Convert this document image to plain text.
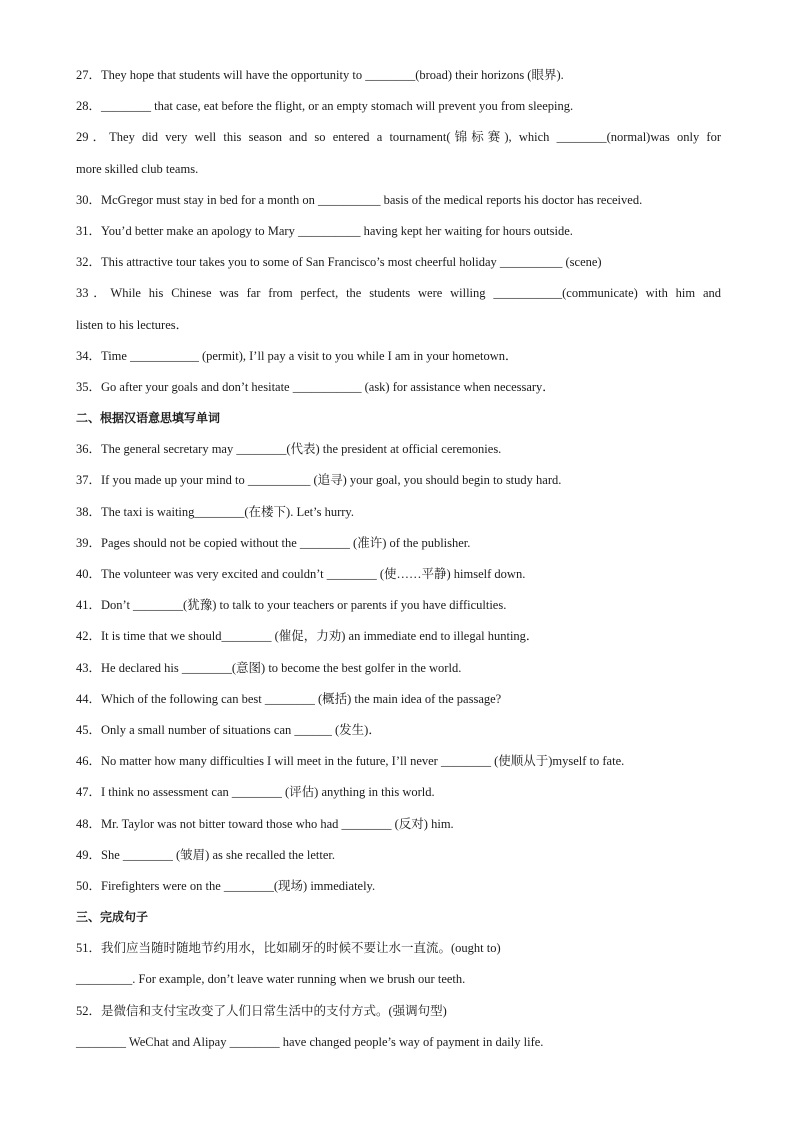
27．They hope that students will have the opportunity to ________(broad) their horizons (眼界).
28．________ that case, eat before the flight, or an empty stomach will prevent you from sleeping.
29．They did very well this season and so entered a tournament(锦标赛), which ________(normal)was only for
more skilled club teams.
30．McGregor must stay in bed for a month on __________ basis of the medical reports his doctor has received.
31．You’d better make an apology to Mary __________ having kept her waiting for hours outside.
32．This attractive tour takes you to some of San Francisco’s most cheerful holiday __________ (scene)
33．While his Chinese was far from perfect, the students were willing ___________(communicate) with him and
listen to his lectures．
34．Time ___________ (permit), I’ll pay a visit to you while I am in your hometown．
35．Go after your goals and don’t hesitate ___________ (ask) for assistance when necessary．
二、根据汉语意思填写单词
36．The general secretary may ________(代表) the president at official ceremonies.
37．If you made up your mind to __________ (追寻) your goal, you should begin to study hard.
38．The taxi is waiting________(在楼下). Let’s hurry.
39．Pages should not be copied without the ________ (准许) of the publisher.
40．The volunteer was very excited and couldn’t ________ (使……平静) himself down.
41．Don’t ________(犹豫) to talk to your teachers or parents if you have difficulties.
42．It is time that we should________ (催促，力劝) an immediate end to illegal hunting．
43．He declared his ________(意图) to become the best golfer in the world.
44．Which of the following can best ________ (概括) the main idea of the passage?
45．Only a small number of situations can ______ (发生)．
46．No matter how many difficulties I will meet in the future, I’ll never ________ (使顺从于)myself to fate.
47．I think no assessment can ________ (评估) anything in this world.
48．Mr. Taylor was not bitter toward those who had ________ (反对) him.
49．She ________ (皱眉) as she recalled the letter.
50．Firefighters were on the ________(现场) immediately.
三、完成句子
51．我们应当随时随地节约用水，比如刷牙的时候不要让水一直流。(ought to)
_________. For example, don’t leave water running when we brush our teeth.
52．是微信和支付宝改变了人们日常生活中的支付方式。(强调句型)
________ WeChat and Alipay ________ have changed people’s way of payment in daily life.
